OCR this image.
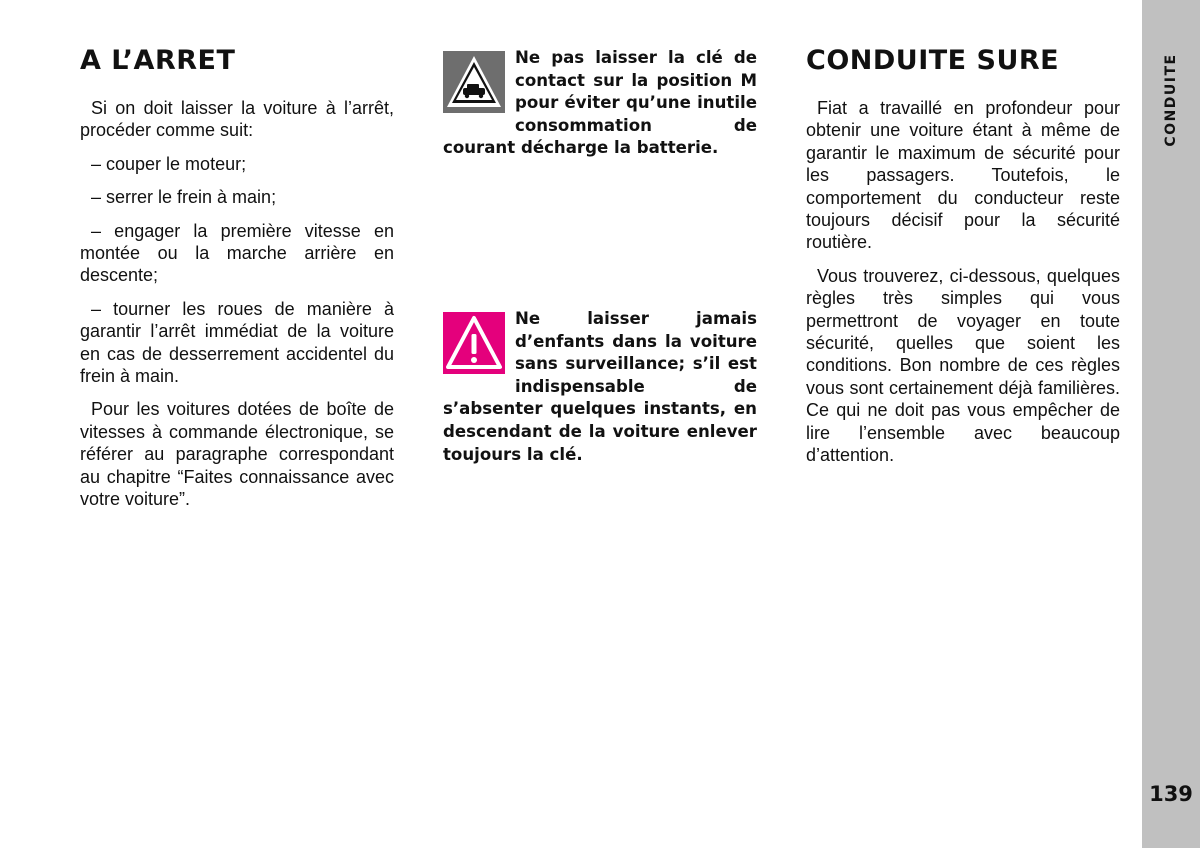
A L’ARRET

Si on doit laisser la voiture à l’arrêt, procéder comme suit:

– couper le moteur;

– serrer le frein à main;

– engager la première vitesse en montée ou la marche arrière en descente;

– tourner les roues de manière à garantir l’arrêt immédiat de la voiture en cas de desserrement accidentel du frein à main.

Pour les voitures dotées de boîte de vitesses à commande électronique, se référer au paragraphe correspondant au chapitre “Faites connaissance avec votre voiture”.

Ne pas laisser la clé de contact sur la position M pour éviter qu’une inutile consommation de courant décharge la batterie.

Ne laisser jamais d’enfants dans la voiture sans surveillance; s’il est indispensable de s’absenter quelques instants, en descendant de la voiture enlever toujours la clé.

CONDUITE SURE

Fiat a travaillé en profondeur pour obtenir une voiture étant à même de garantir le maximum de sécurité pour les passagers. Toutefois, le comportement du conducteur reste toujours décisif pour la sécurité routière.

Vous trouverez, ci-dessous, quelques règles très simples qui vous permettront de voyager en toute sécurité, quelles que soient les conditions. Bon nombre de ces règles vous sont certainement déjà familières. Ce qui ne doit pas vous empêcher de lire l’ensemble avec beaucoup d’attention.

CONDUITE
139
